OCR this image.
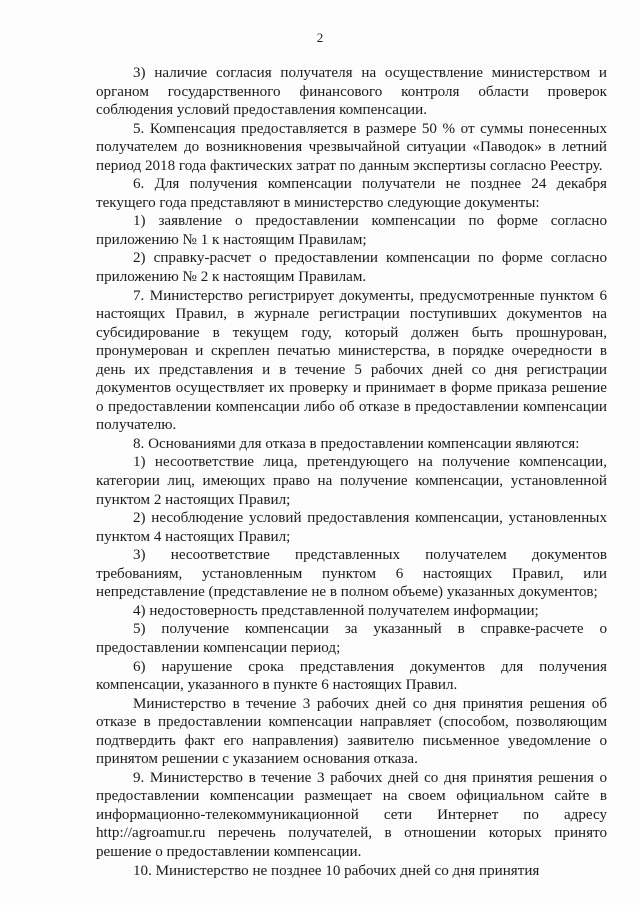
2

3) наличие согласия получателя на осуществление министерством и органом государственного финансового контроля области проверок соблюдения условий предоставления компенсации.

5. Компенсация предоставляется в размере 50 % от суммы понесенных получателем до возникновения чрезвычайной ситуации «Паводок» в летний период 2018 года фактических затрат по данным экспертизы согласно Реестру.

6. Для получения компенсации получатели не позднее 24 декабря текущего года представляют в министерство следующие документы:

1) заявление о предоставлении компенсации по форме согласно приложению № 1 к настоящим Правилам;

2) справку-расчет о предоставлении компенсации по форме согласно приложению № 2 к настоящим Правилам.

7. Министерство регистрирует документы, предусмотренные пунктом 6 настоящих Правил, в журнале регистрации поступивших документов на субсидирование в текущем году, который должен быть прошнурован, пронумерован и скреплен печатью министерства, в порядке очередности в день их представления и в течение 5 рабочих дней со дня регистрации документов осуществляет их проверку и принимает в форме приказа решение о предоставлении компенсации либо об отказе в предоставлении компенсации получателю.

8. Основаниями для отказа в предоставлении компенсации являются:

1) несоответствие лица, претендующего на получение компенсации, категории лиц, имеющих право на получение компенсации, установленной пунктом 2 настоящих Правил;

2) несоблюдение условий предоставления компенсации, установленных пунктом 4 настоящих Правил;

3) несоответствие представленных получателем документов требованиям, установленным пунктом 6 настоящих Правил, или непредставление (представление не в полном объеме) указанных документов;

4) недостоверность представленной получателем информации;

5) получение компенсации за указанный в справке-расчете о предоставлении компенсации период;

6) нарушение срока представления документов для получения компенсации, указанного в пункте 6 настоящих Правил.

Министерство в течение 3 рабочих дней со дня принятия решения об отказе в предоставлении компенсации направляет (способом, позволяющим подтвердить факт его направления) заявителю письменное уведомление о принятом решении с указанием основания отказа.

9. Министерство в течение 3 рабочих дней со дня принятия решения о предоставлении компенсации размещает на своем официальном сайте в информационно-телекоммуникационной сети Интернет по адресу http://agroamur.ru перечень получателей, в отношении которых принято решение о предоставлении компенсации.

10. Министерство не позднее 10 рабочих дней со дня принятия
